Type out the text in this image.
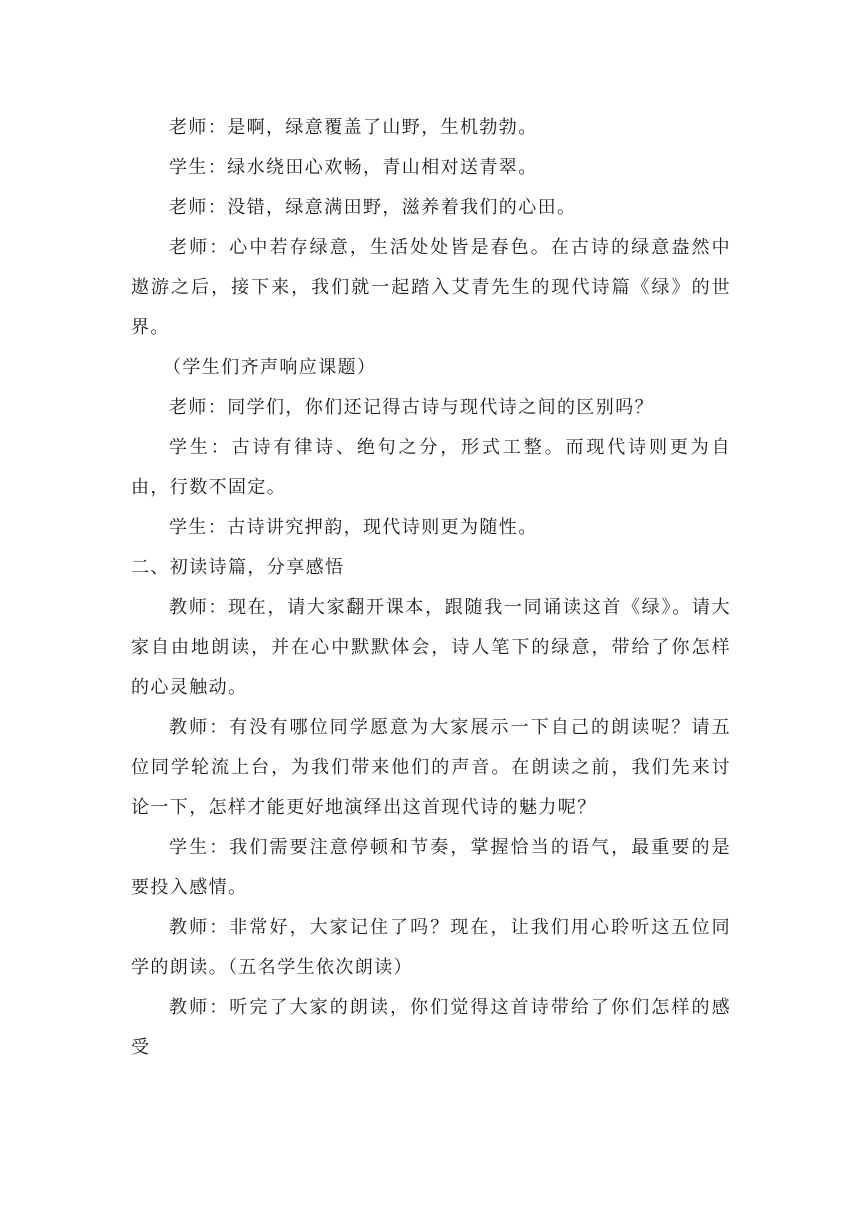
老师：是啊，绿意覆盖了山野，生机勃勃。

学生：绿水绕田心欢畅，青山相对送青翠。

老师：没错，绿意满田野，滋养着我们的心田。

老师：心中若存绿意，生活处处皆是春色。在古诗的绿意盎然中遨游之后，接下来，我们就一起踏入艾青先生的现代诗篇《绿》的世界。

（学生们齐声响应课题）

老师：同学们，你们还记得古诗与现代诗之间的区别吗？

学生：古诗有律诗、绝句之分，形式工整。而现代诗则更为自由，行数不固定。

学生：古诗讲究押韵，现代诗则更为随性。

二、初读诗篇，分享感悟

教师：现在，请大家翻开课本，跟随我一同诵读这首《绿》。请大家自由地朗读，并在心中默默体会，诗人笔下的绿意，带给了你怎样的心灵触动。

教师：有没有哪位同学愿意为大家展示一下自己的朗读呢？请五位同学轮流上台，为我们带来他们的声音。在朗读之前，我们先来讨论一下，怎样才能更好地演绎出这首现代诗的魅力呢？

学生：我们需要注意停顿和节奏，掌握恰当的语气，最重要的是要投入感情。

教师：非常好，大家记住了吗？现在，让我们用心聆听这五位同学的朗读。（五名学生依次朗读）

教师：听完了大家的朗读，你们觉得这首诗带给了你们怎样的感受
